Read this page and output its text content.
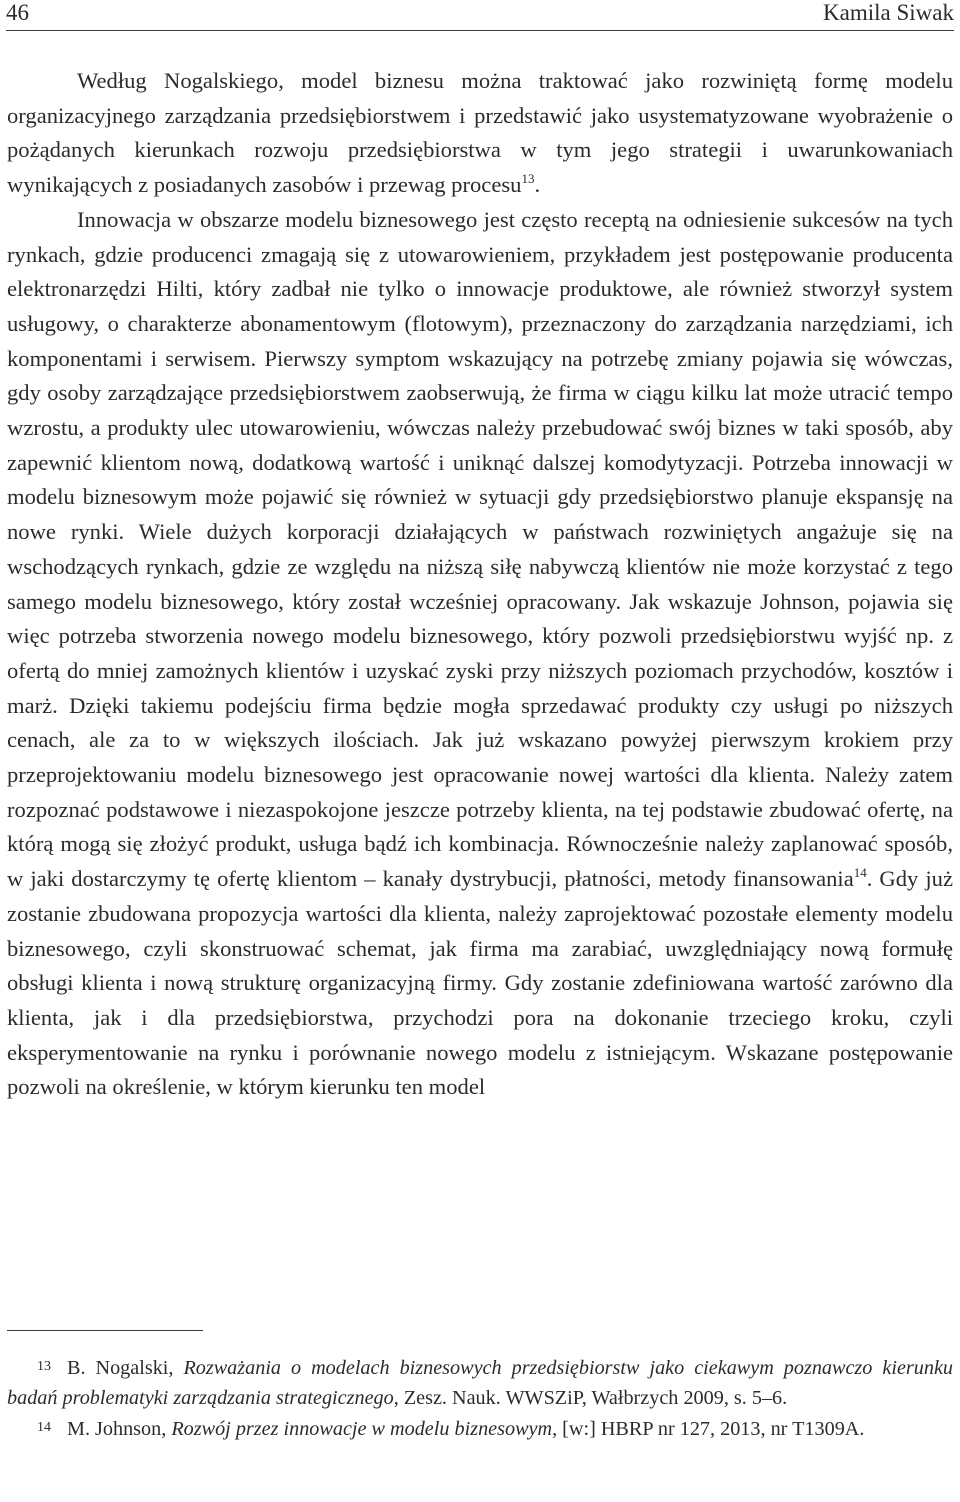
46	Kamila Siwak

Według Nogalskiego, model biznesu można traktować jako rozwiniętą formę modelu organizacyjnego zarządzania przedsiębiorstwem i przedstawić jako usystematyzowane wyobrażenie o pożądanych kierunkach rozwoju przedsiębiorstwa w tym jego strategii i uwarunkowaniach wynikających z posiadanych zasobów i przewag procesu$^{13}$.

Innowacja w obszarze modelu biznesowego jest często receptą na odniesienie sukcesów na tych rynkach, gdzie producenci zmagają się z utowarowieniem, przykładem jest postępowanie producenta elektronarzędzi Hilti, który zadbał nie tylko o innowacje produktowe, ale również stworzył system usługowy, o charakterze abonamentowym (flotowym), przeznaczony do zarządzania narzędziami, ich komponentami i serwisem. Pierwszy symptom wskazujący na potrzebę zmiany pojawia się wówczas, gdy osoby zarządzające przedsiębiorstwem zaobserwują, że firma w ciągu kilku lat może utracić tempo wzrostu, a produkty ulec utowarowieniu, wówczas należy przebudować swój biznes w taki sposób, aby zapewnić klientom nową, dodatkową wartość i uniknąć dalszej komodytyzacji. Potrzeba innowacji w modelu biznesowym może pojawić się również w sytuacji gdy przedsiębiorstwo planuje ekspansję na nowe rynki. Wiele dużych korporacji działających w państwach rozwiniętych angażuje się na wschodzących rynkach, gdzie ze względu na niższą siłę nabywczą klientów nie może korzystać z tego samego modelu biznesowego, który został wcześniej opracowany. Jak wskazuje Johnson, pojawia się więc potrzeba stworzenia nowego modelu biznesowego, który pozwoli przedsiębiorstwu wyjść np. z ofertą do mniej zamożnych klientów i uzyskać zyski przy niższych poziomach przychodów, kosztów i marż. Dzięki takiemu podejściu firma będzie mogła sprzedawać produkty czy usługi po niższych cenach, ale za to w większych ilościach. Jak już wskazano powyżej pierwszym krokiem przy przeprojektowaniu modelu biznesowego jest opracowanie nowej wartości dla klienta. Należy zatem rozpoznać podstawowe i niezaspokojone jeszcze potrzeby klienta, na tej podstawie zbudować ofertę, na którą mogą się złożyć produkt, usługa bądź ich kombinacja. Równocześnie należy zaplanować sposób, w jaki dostarczymy tę ofertę klientom – kanały dystrybucji, płatności, metody finansowania$^{14}$. Gdy już zostanie zbudowana propozycja wartości dla klienta, należy zaprojektować pozostałe elementy modelu biznesowego, czyli skonstruować schemat, jak firma ma zarabiać, uwzględniający nową formułę obsługi klienta i nową strukturę organizacyjną firmy. Gdy zostanie zdefiniowana wartość zarówno dla klienta, jak i dla przedsiębiorstwa, przychodzi pora na dokonanie trzeciego kroku, czyli eksperymentowanie na rynku i porównanie nowego modelu z istniejącym. Wskazane postępowanie pozwoli na określenie, w którym kierunku ten model

13 B. Nogalski, Rozważania o modelach biznesowych przedsiębiorstw jako ciekawym poznawczo kierunku badań problematyki zarządzania strategicznego, Zesz. Nauk. WWSZiP, Wałbrzych 2009, s. 5–6.

14 M. Johnson, Rozwój przez innowacje w modelu biznesowym, [w:] HBRP nr 127, 2013, nr T1309A.
